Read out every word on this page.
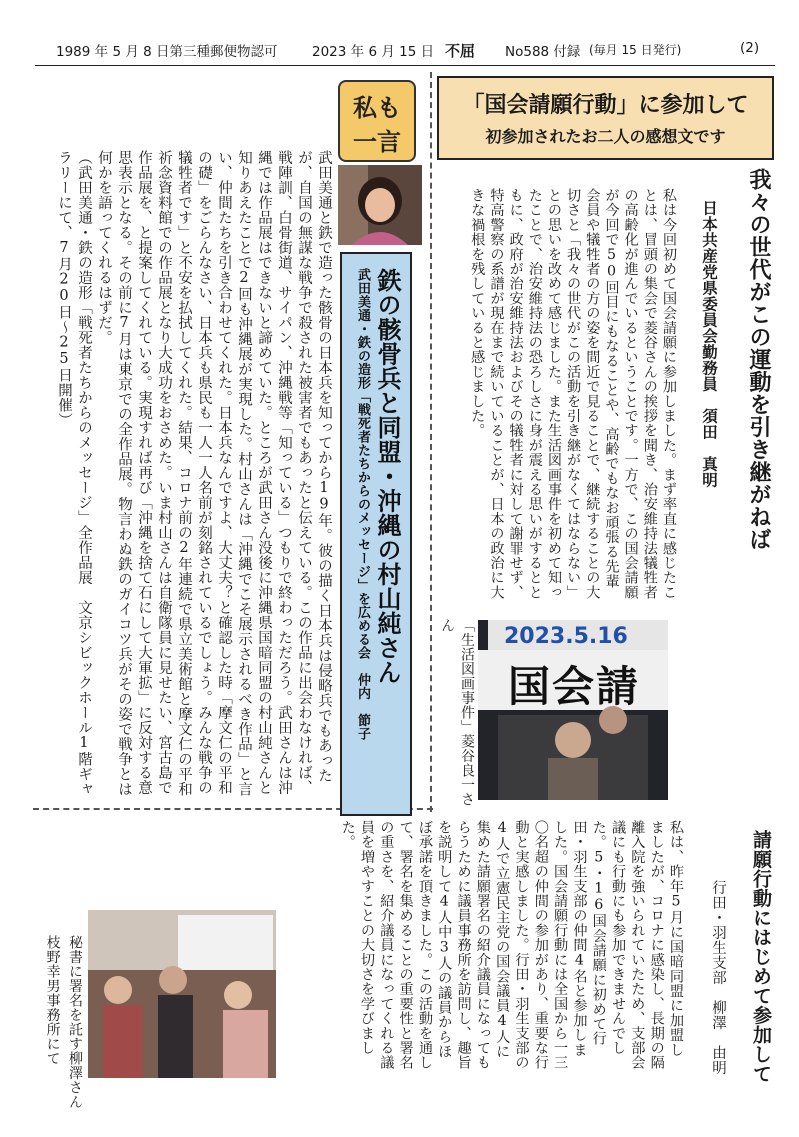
1989 年 5 月 8 日第三種郵便物認可	2023 年 6 月 15 日 不屈 No588 付録 (毎月 15 日発行)	(2)
私も
一言
鉄の骸骨兵と同盟・沖縄の村山純さん
武田美通・鉄の造形「戦死者たちからのメッセージ」を広める会　仲内　節子
武田美通と鉄で造った骸骨の日本兵を知ってから19年。彼の描く日本兵は侵略兵でもあったが、自国の無謀な戦争で殺された被害者でもあったと伝えている。この作品に出会わなければ、戦陣訓、白骨街道、サイパン、沖縄戦等「知っている」つもりで終わっただろう。武田さんは沖縄では作品展はできないと諦めていた。ところが武田さん没後に沖縄県国暗同盟の村山純さんと知りあえたことで2回も沖縄展が実現した。村山さんは「沖縄でこそ展示されるべき作品」と言い、仲間たちを引き合わせてくれた。日本兵なんですよ、大丈夫？と確認した時「摩文仁の平和の礎」をごらんなさい、日本兵も県民も一人一人名前が刻銘されているでしょう。みんな戦争の犠牲者です」と不安を払拭してくれた。結果、コロナ前の2年連続で県立美術館と摩文仁の平和祈念資料館での作品展となり大成功をおさめた。いま村山さんは自衛隊員に見せたい、宮古島で作品展を、と提案してくれている。実現すれば再び「沖縄を捨て石にして大軍拡」に反対する意思表示となる。その前に7月は東京での全作品展。物言わぬ鉄のガイコツ兵がその姿で戦争とは何かを語ってくれるはずだ。
（武田美通・鉄の造形「戦死者たちからのメッセージ」全作品展　文京シビックホール1階ギャラリーにて、7月20日～25日開催）
「国会請願行動」に参加して
初参加されたお二人の感想文です
我々の世代がこの運動を引き継がねば
日本共産党県委員会勤務員　須田　真明
私は今回初めて国会請願に参加しました。まず率直に感じたことは、冒頭の集会で菱谷さんの挨拶を聞き、治安維持法犠牲者の高齢化が進んでいるということです。一方で、この国会請願が今回で50回目にもなることや、高齢でもなお頑張る先輩会員や犠牲者の方の姿を間近で見ることで、継続することの大切さと「我々の世代がこの活動を引き継がなくてはならない」との思いを改めて感じました。また生活図画事件を初めて知ったことで、治安維持法の恐ろしさに身が震える思いがするとともに、政府が治安維持法およびその犠牲者に対して謝罪せず、特高警察の系譜が現在まで続いていることが、日本の政治に大きな禍根を残していると感じました。
「生活図画事件」菱谷良一さん	2023.5.16
国会請
請願行動にはじめて参加して
行田・羽生支部　柳澤　由明
私は、昨年5月に国暗同盟に加盟しましたが、コロナに感染し、長期の隔離入院を強いられていたため、支部会議にも行動にも参加できませんでした。5・16国会請願に初めて行田・羽生支部の仲間4名と参加しました。国会請願行動には全国から一三〇名超の仲間の参加があり、重要な行動と実感しました。行田・羽生支部の4人で立憲民主党の国会議員4人に集めた請願署名の紹介議員になってもらうために議員事務所を訪問し、趣旨を説明して4人中3人の議員からほぼ承諾を頂きました。この活動を通して、署名を集めることの重要性と署名の重さを、紹介議員になってくれる議員を増やすことの大切さを学びました。
秘書に署名を託す柳澤さん　枝野幸男事務所にて
